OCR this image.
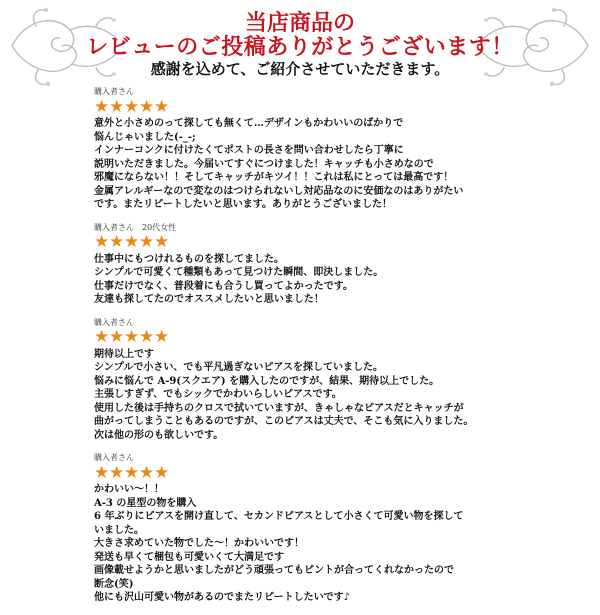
当店商品の
レビューのご投稿ありがとうございます！
感謝を込めて、ご紹介させていただきます。
購入者さん
★ ★ ★ ★ ★
意外と小さめのって探しても無くて…デザインもかわいいのばかりで
悩んじゃいました(-_-;
インナーコンクに付けたくてポストの長さを問い合わせしたら丁寧に
説明いただきました。今届いてすぐにつけました！キャッチも小さめなので
邪魔にならない！！そしてキャッチがキツイ！！これは私にとっては最高です！
金属アレルギーなので変なのはつけられないし対応品なのに安価なのはありがたい
です。またリピートしたいと思います。ありがとうございました！
購入者さん　20代女性
★ ★ ★ ★ ★
仕事中にもつけれるものを探してました。
シンプルで可愛くて種類もあって見つけた瞬間、即決しました。
仕事だけでなく、普段着にも合うし買ってよかったです。
友達も探してたのでオススメしたいと思いました！
購入者さん
★ ★ ★ ★ ★
期待以上です
シンプルで小さい、でも平凡過ぎないピアスを探していました。
悩みに悩んで A-9(スクエア) を購入したのですが、結果、期待以上でした。
主張しすぎず、でもシックでかわいらしいピアスです。
使用した後は手持ちのクロスで拭いていますが、きゃしゃなピアスだとキャッチが
曲がってしまうこともあるのですが、このピアスは丈夫で、そこも気に入りました。
次は他の形のも欲しいです。
購入者さん
★ ★ ★ ★ ★
かわいい〜！！
A-3 の星型の物を購入
6 年ぶりにピアスを開け直して、セカンドピアスとして小さくて可愛い物を探して
いました。
大きさ求めていた物でした〜！かわいいです！
発送も早くて梱包も可愛いくて大満足です
画像載せようかと思いましたがどう頑張ってもピントが合ってくれなかったので
断念(笑)
他にも沢山可愛い物があるのでまたリピートしたいです♪
